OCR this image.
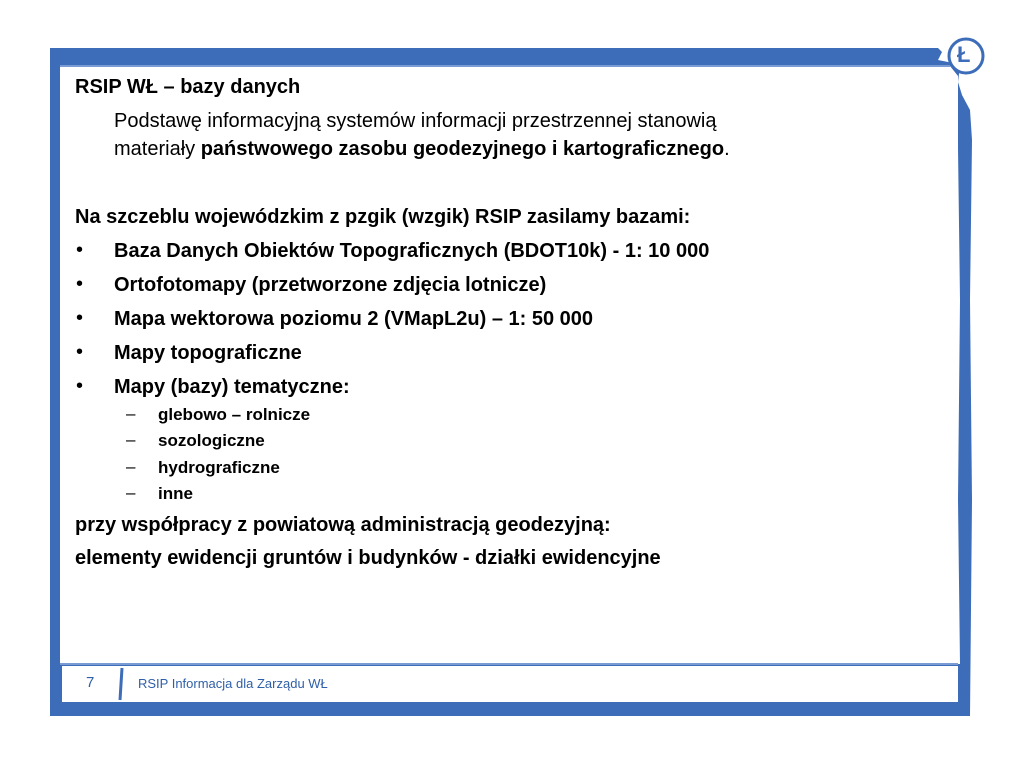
Ł
RSIP WŁ – bazy danych
Podstawę informacyjną systemów informacji przestrzennej stanowią
materiały państwowego zasobu geodezyjnego i kartograficznego.
Na szczeblu wojewódzkim z pzgik (wzgik) RSIP zasilamy bazami:
• Baza Danych Obiektów Topograficznych (BDOT10k) - 1: 10 000
• Ortofotomapy (przetworzone zdjęcia lotnicze)
• Mapa wektorowa poziomu 2 (VMapL2u) – 1: 50 000
• Mapy topograficzne
• Mapy (bazy) tematyczne:
– glebowo – rolnicze
– sozologiczne
– hydrograficzne
– inne
przy współpracy z powiatową administracją geodezyjną:
elementy ewidencji gruntów i budynków - działki ewidencyjne
7	RSIP Informacja dla Zarządu WŁ
